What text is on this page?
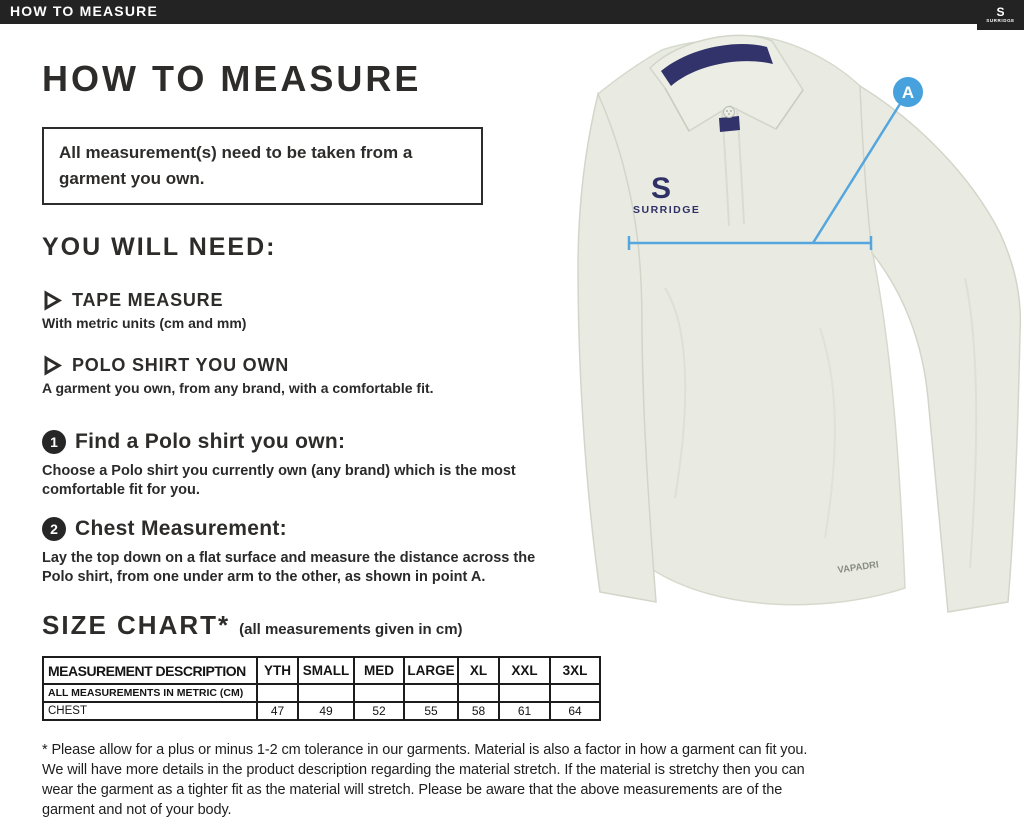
HOW TO MEASURE	S
SURRIDGE
HOW TO MEASURE

All measurement(s) need to be taken from a garment you own.

YOU WILL NEED:
TAPE MEASURE

With metric units (cm and mm)

POLO SHIRT YOU OWN

A garment you own, from any brand, with a comfortable fit.

1 Find a Polo shirt you own:

Choose a Polo shirt you currently own (any brand) which is the most comfortable fit for you.

2 Chest Measurement:

Lay the top down on a flat surface and measure the distance across the Polo shirt, from one under arm to the other, as shown in point A.

SIZE CHART* (all measurements given in cm)
MEASUREMENT DESCRIPTION	YTH	SMALL	MED	LARGE	XL	XXL	3XL
ALL MEASUREMENTS IN METRIC (CM)							
CHEST	47	49	52	55	58	61	64

* Please allow for a plus or minus 1-2 cm tolerance in our garments. Material is also a factor in how a garment can fit you. We will have more details in the product description regarding the material stretch. If the material is stretchy then you can wear the garment as a tighter fit as the material will stretch. Please be aware that the above measurements are of the garment and not of your body.

S
SURRIDGE
VAPADRI
A
